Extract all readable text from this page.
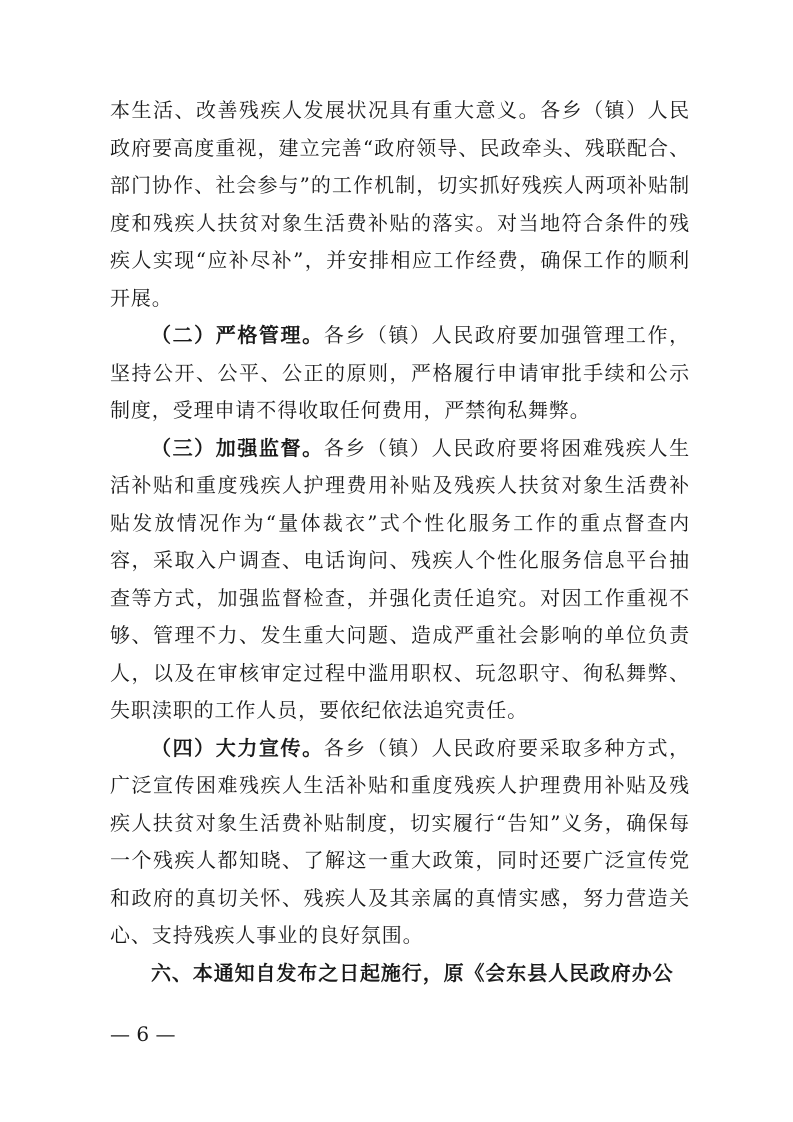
本生活、改善残疾人发展状况具有重大意义。各乡（镇）人民政府要高度重视，建立完善“政府领导、民政牵头、残联配合、部门协作、社会参与”的工作机制，切实抓好残疾人两项补贴制度和残疾人扶贫对象生活费补贴的落实。对当地符合条件的残疾人实现“应补尽补”，并安排相应工作经费，确保工作的顺利开展。

（二）严格管理。各乡（镇）人民政府要加强管理工作，坚持公开、公平、公正的原则，严格履行申请审批手续和公示制度，受理申请不得收取任何费用，严禁徇私舞弊。

（三）加强监督。各乡（镇）人民政府要将困难残疾人生活补贴和重度残疾人护理费用补贴及残疾人扶贫对象生活费补贴发放情况作为“量体裁衣”式个性化服务工作的重点督查内容，采取入户调查、电话询问、残疾人个性化服务信息平台抽查等方式，加强监督检查，并强化责任追究。对因工作重视不够、管理不力、发生重大问题、造成严重社会影响的单位负责人，以及在审核审定过程中滥用职权、玩忽职守、徇私舞弊、失职渎职的工作人员，要依纪依法追究责任。

（四）大力宣传。各乡（镇）人民政府要采取多种方式，广泛宣传困难残疾人生活补贴和重度残疾人护理费用补贴及残疾人扶贫对象生活费补贴制度，切实履行“告知”义务，确保每一个残疾人都知晓、了解这一重大政策，同时还要广泛宣传党和政府的真切关怀、残疾人及其亲属的真情实感，努力营造关心、支持残疾人事业的良好氛围。

六、本通知自发布之日起施行，原《会东县人民政府办公

— 6 —
